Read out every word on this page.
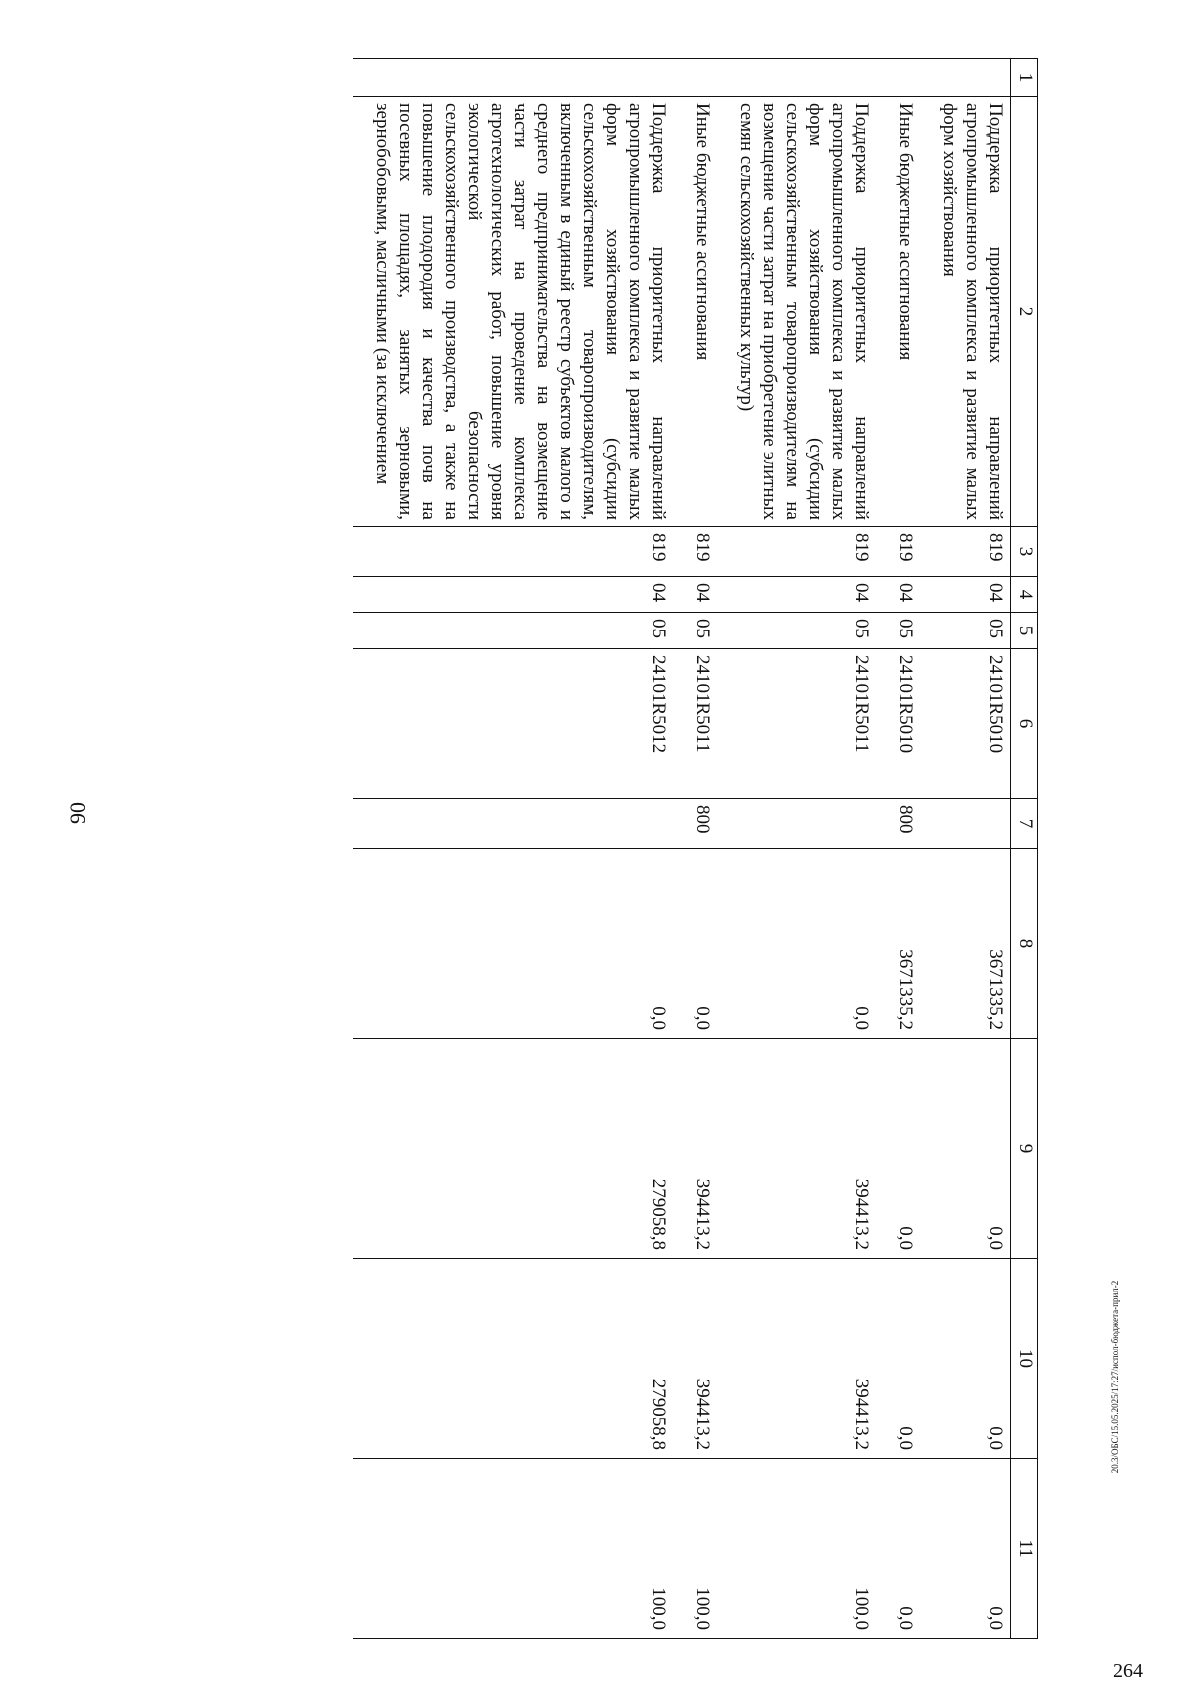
90
1	2	3	4	5	6	7	8	9	10	11
	Поддержка приоритетных направлений агропромышленного комплекса и развитие малых форм хозяйствования	819	04	05	24101R5010		3671335,2	0,0	0,0	0,0
	Иные бюджетные ассигнования	819	04	05	24101R5010	800	3671335,2	0,0	0,0	0,0
	Поддержка приоритетных направлений агропромышленного комплекса и развитие малых форм хозяйствования (субсидии сельскохозяйственным товаропроизводителям на возмещение части затрат на приобретение элитных семян сельскохозяйственных культур)	819	04	05	24101R5011		0,0	394413,2	394413,2	100,0
	Иные бюджетные ассигнования	819	04	05	24101R5011	800	0,0	394413,2	394413,2	100,0
	Поддержка приоритетных направлений агропромышленного комплекса и развитие малых форм хозяйствования (субсидии сельскохозяйственным товаропроизводителям, включенным в единый реестр субъектов малого и среднего предпринимательства на возмещение части затрат на проведение комплекса агротехнологических работ, повышение уровня экологической безопасности сельскохозяйственного производства, а также на повышение плодородия и качества почв на посевных площадях, занятых зерновыми, зернобобовыми, масличными (за исключением	819	04	05	24101R5012		0,0	279058,8	279058,8	100,0
20.3/ОБС/15.05.2025/17:27/испол-бюджета-прил-2
264
